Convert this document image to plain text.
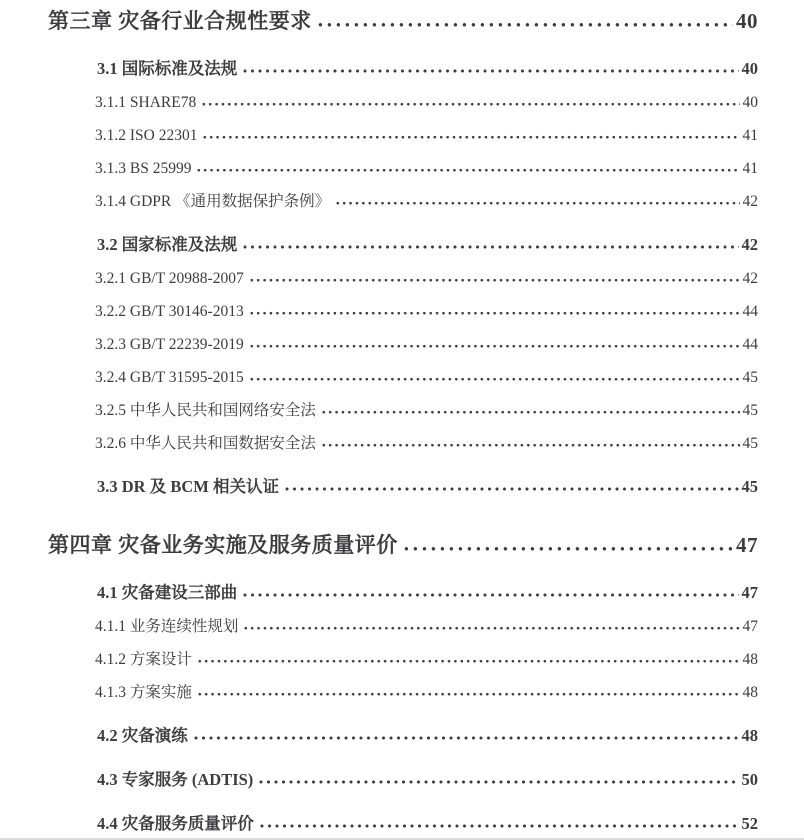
第三章 灾备行业合规性要求	40
3.1 国际标准及法规	40
3.1.1 SHARE78	40
3.1.2 ISO 22301	41
3.1.3 BS 25999	41
3.1.4 GDPR 《通用数据保护条例》	42
3.2 国家标准及法规	42
3.2.1 GB/T 20988-2007	42
3.2.2 GB/T 30146-2013	44
3.2.3 GB/T 22239-2019	44
3.2.4 GB/T 31595-2015	45
3.2.5 中华人民共和国网络安全法	45
3.2.6 中华人民共和国数据安全法	45
3.3 DR 及 BCM 相关认证	45
第四章 灾备业务实施及服务质量评价	47
4.1 灾备建设三部曲	47
4.1.1 业务连续性规划	47
4.1.2 方案设计	48
4.1.3 方案实施	48
4.2 灾备演练	48
4.3 专家服务 (ADTIS)	50
4.4 灾备服务质量评价	52
